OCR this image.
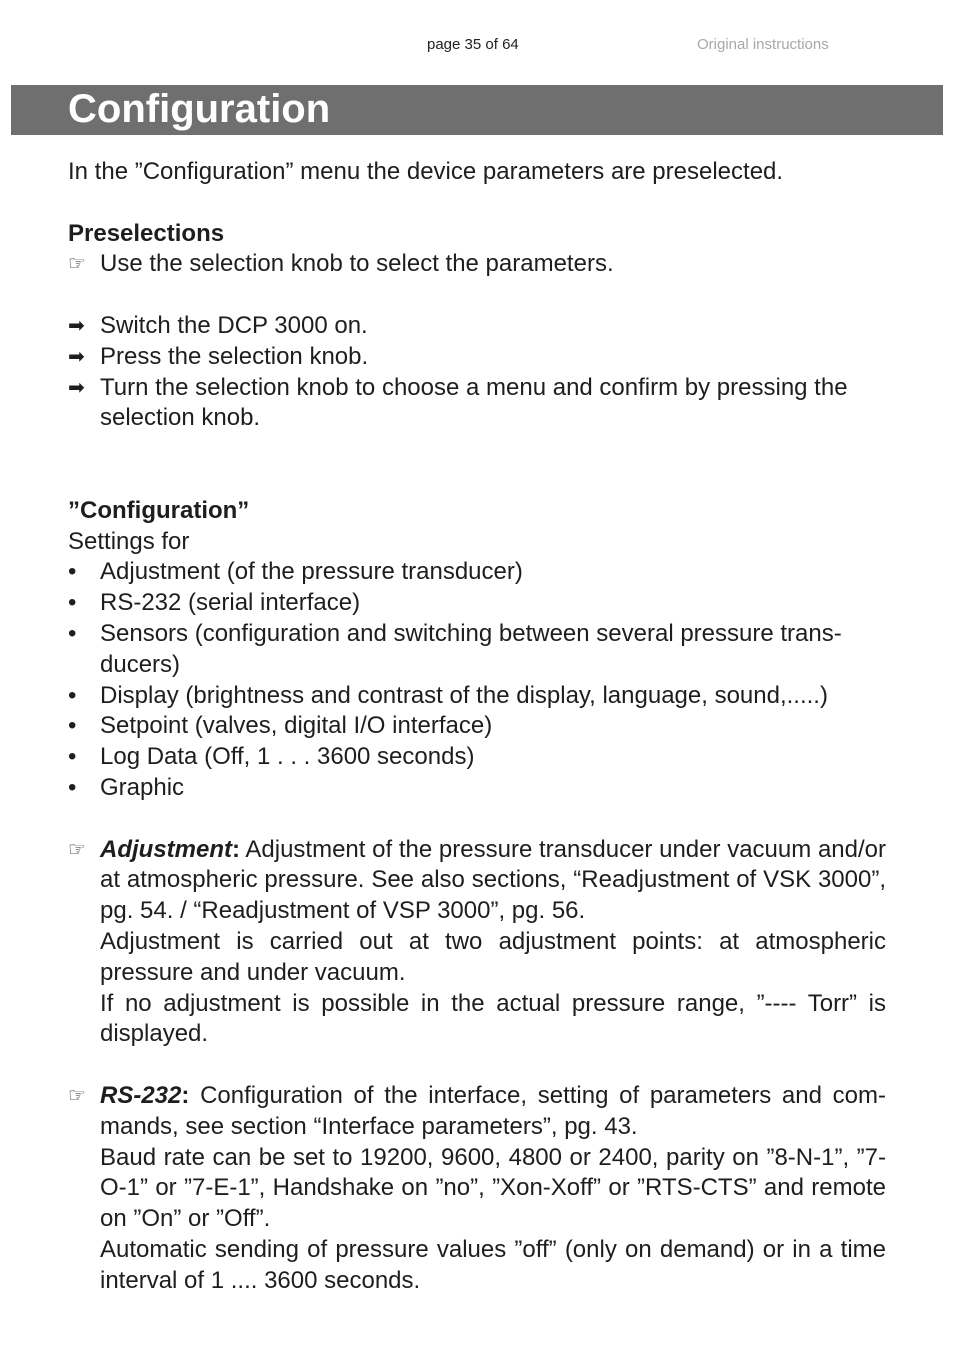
page 35 of 64	Original instructions
Configuration

In the ”Configuration” menu the device parameters are preselected.

Preselections

☞ Use the selection knob to select the parameters.
➡ Switch the DCP 3000 on.
➡ Press the selection knob.
➡ Turn the selection knob to choose a menu and confirm by pressing the selection knob.

”Configuration”

Settings for

• Adjustment (of the pressure transducer)
• RS-232 (serial interface)
• Sensors (configuration and switching between several pressure trans-ducers)
• Display (brightness and contrast of the display, language, sound,.....)
• Setpoint (valves, digital I/O interface)
• Log Data (Off, 1 . . . 3600 seconds)
• Graphic
☞ Adjustment: Adjustment of the pressure transducer under vacuum and/or at atmospheric pressure. See also sections, “Readjustment of VSK 3000”, pg. 54. / “Readjustment of VSP 3000”, pg. 56.

Adjustment is carried out at two adjustment points: at atmospheric pressure and under vacuum.

If no adjustment is possible in the actual pressure range, ”---- Torr” is displayed.

☞ RS-232: Configuration of the interface, setting of parameters and com-mands, see section “Interface parameters”, pg. 43.

Baud rate can be set to 19200, 9600, 4800 or 2400, parity on ”8-N-1”, ”7-O-1” or ”7-E-1”, Handshake on ”no”, ”Xon-Xoff” or ”RTS-CTS” and remote on ”On” or ”Off”.

Automatic sending of pressure values ”off” (only on demand) or in a time interval of 1 .... 3600 seconds.
